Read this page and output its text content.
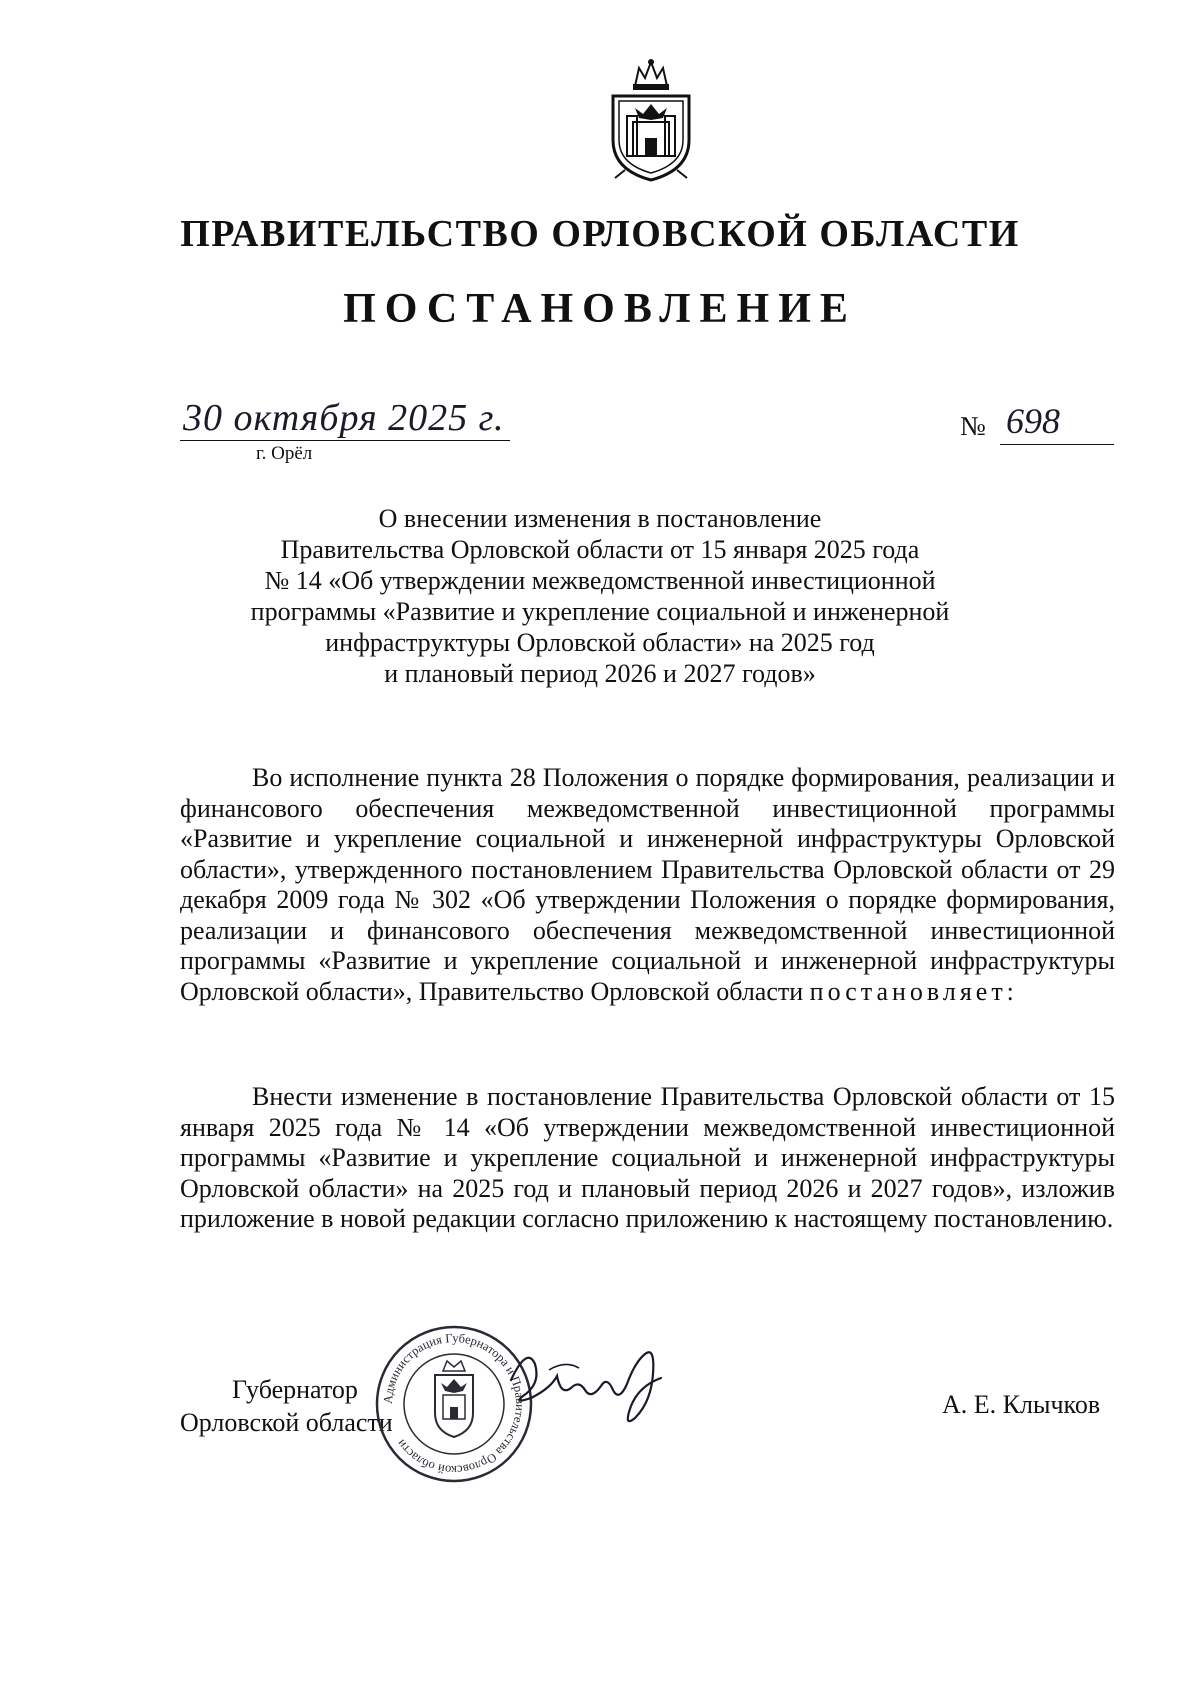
ПРАВИТЕЛЬСТВО ОРЛОВСКОЙ ОБЛАСТИ
ПОСТАНОВЛЕНИЕ
30 октября 2025 г.
г. Орёл
№ 698
О внесении изменения в постановление
Правительства Орловской области от 15 января 2025 года
№ 14 «Об утверждении межведомственной инвестиционной
программы «Развитие и укрепление социальной и инженерной
инфраструктуры Орловской области» на 2025 год
и плановый период 2026 и 2027 годов»

Во исполнение пункта 28 Положения о порядке формирования, реализации и финансового обеспечения межведомственной инвестиционной программы «Развитие и укрепление социальной и инженерной инфраструктуры Орловской области», утвержденного постановлением Правительства Орловской области от 29 декабря 2009 года № 302 «Об утверждении Положения о порядке формирования, реализации и финансового обеспечения межведомственной инвестиционной программы «Развитие и укрепление социальной и инженерной инфраструктуры Орловской области», Правительство Орловской области постановляет:

Внести изменение в постановление Правительства Орловской области от 15 января 2025 года № 14 «Об утверждении межведомственной инвестиционной программы «Развитие и укрепление социальной и инженерной инфраструктуры Орловской области» на 2025 год и плановый период 2026 и 2027 годов», изложив приложение в новой редакции согласно приложению к настоящему постановлению.

Губернатор
Орловской области
Администрация Губернатора и Правительства Орловской области
А. Е. Клычков
